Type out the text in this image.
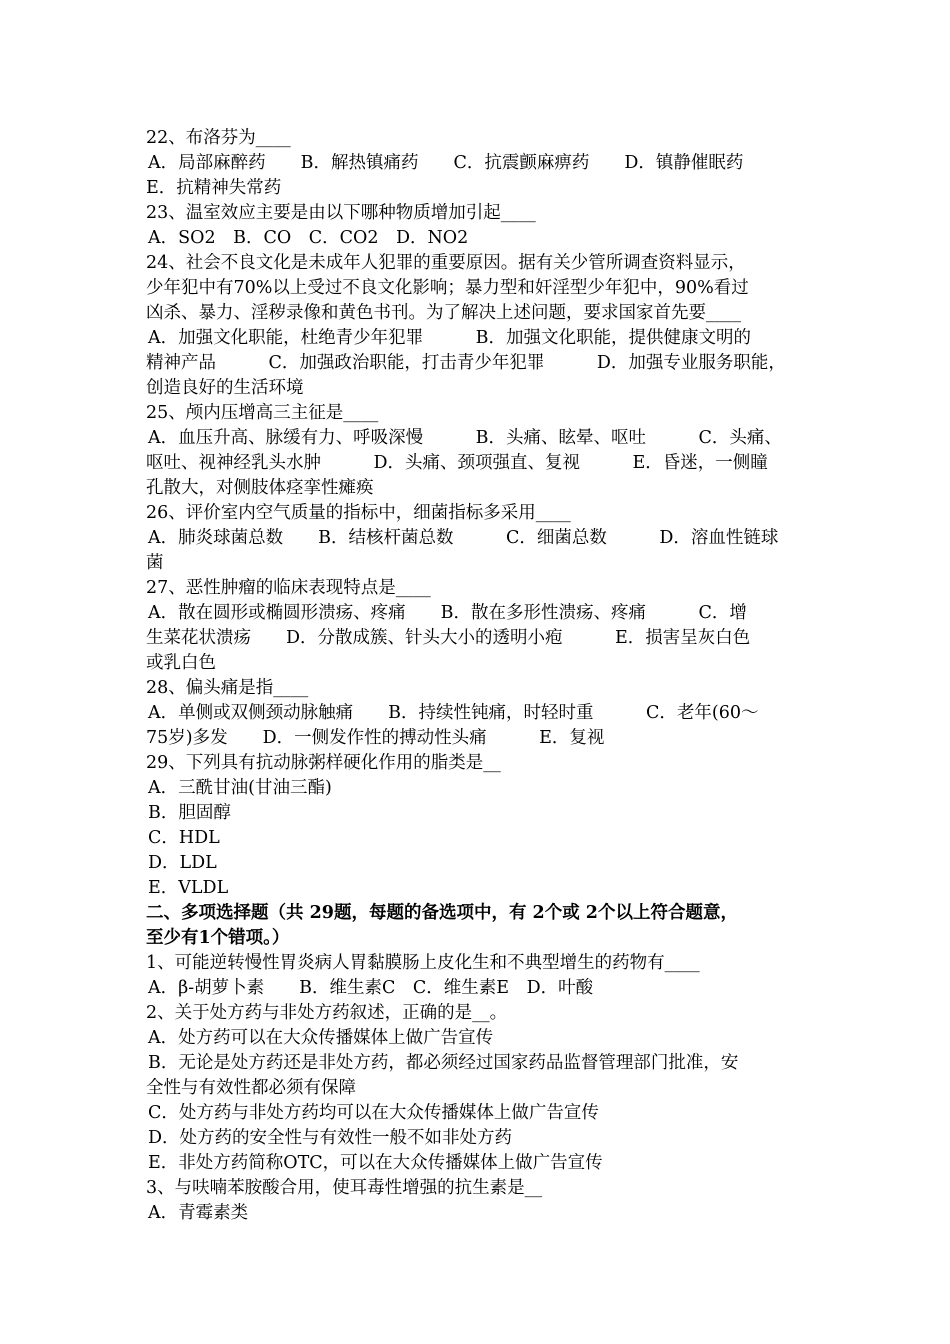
22、布洛芬为____
A．局部麻醉药　　B．解热镇痛药　　C．抗震颤麻痹药　　D．镇静催眠药
E．抗精神失常药
23、温室效应主要是由以下哪种物质增加引起____
A．SO2　B．CO　C．CO2　D．NO2
24、社会不良文化是未成年人犯罪的重要原因。据有关少管所调查资料显示，
少年犯中有70%以上受过不良文化影响；暴力型和奸淫型少年犯中，90%看过
凶杀、暴力、淫秽录像和黄色书刊。为了解决上述问题，要求国家首先要____
A．加强文化职能，杜绝青少年犯罪　　　B．加强文化职能，提供健康文明的
精神产品　　　C．加强政治职能，打击青少年犯罪　　　D．加强专业服务职能，
创造良好的生活环境
25、颅内压增高三主征是____
A．血压升高、脉缓有力、呼吸深慢　　　B．头痛、眩晕、呕吐　　　C．头痛、
呕吐、视神经乳头水肿　　　D．头痛、颈项强直、复视　　　E．昏迷，一侧瞳
孔散大，对侧肢体痉挛性瘫痪
26、评价室内空气质量的指标中，细菌指标多采用____
A．肺炎球菌总数　　B．结核杆菌总数　　　C．细菌总数　　　D．溶血性链球
菌
27、恶性肿瘤的临床表现特点是____
A．散在圆形或椭圆形溃疡、疼痛　　B．散在多形性溃疡、疼痛　　　C．增
生菜花状溃疡　　D．分散成簇、针头大小的透明小疱　　　E．损害呈灰白色
或乳白色
28、偏头痛是指____
A．单侧或双侧颈动脉触痛　　B．持续性钝痛，时轻时重　　　C．老年(60～
75岁)多发　　D．一侧发作性的搏动性头痛　　　E．复视
29、下列具有抗动脉粥样硬化作用的脂类是__
A．三酰甘油(甘油三酯)
B．胆固醇
C．HDL
D．LDL
E．VLDL
二、多项选择题（共 29题，每题的备选项中，有 2个或 2个以上符合题意，
至少有1个错项。）
1、可能逆转慢性胃炎病人胃黏膜肠上皮化生和不典型增生的药物有____
A．β-胡萝卜素　　B．维生素C　C．维生素E　D．叶酸
2、关于处方药与非处方药叙述，正确的是__。
A．处方药可以在大众传播媒体上做广告宣传
B．无论是处方药还是非处方药，都必须经过国家药品监督管理部门批准，安
全性与有效性都必须有保障
C．处方药与非处方药均可以在大众传播媒体上做广告宣传
D．处方药的安全性与有效性一般不如非处方药
E．非处方药简称OTC，可以在大众传播媒体上做广告宣传
3、与呋喃苯胺酸合用，使耳毒性增强的抗生素是__
A．青霉素类
